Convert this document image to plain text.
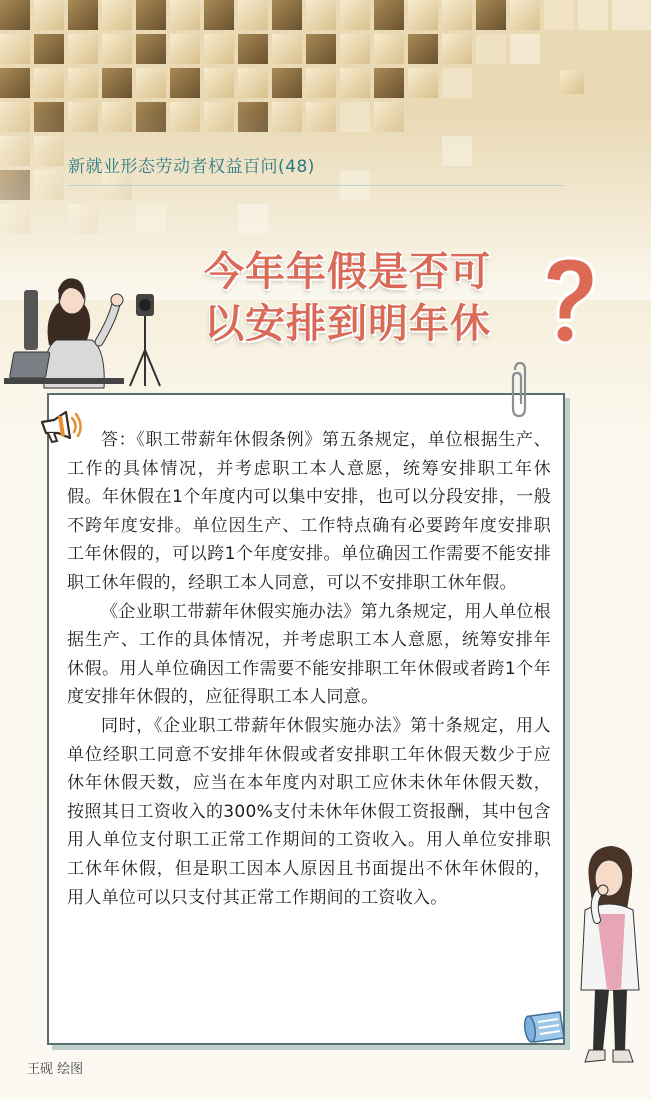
新就业形态劳动者权益百问(48)
今年年假是否可
以安排到明年休

答：《职工带薪年休假条例》第五条规定，单位根据生产、工作的具体情况，并考虑职工本人意愿，统筹安排职工年休假。年休假在1个年度内可以集中安排，也可以分段安排，一般不跨年度安排。单位因生产、工作特点确有必要跨年度安排职工年休假的，可以跨1个年度安排。单位确因工作需要不能安排职工休年假的，经职工本人同意，可以不安排职工休年假。

《企业职工带薪年休假实施办法》第九条规定，用人单位根据生产、工作的具体情况，并考虑职工本人意愿，统筹安排年休假。用人单位确因工作需要不能安排职工年休假或者跨1个年度安排年休假的，应征得职工本人同意。

同时，《企业职工带薪年休假实施办法》第十条规定，用人单位经职工同意不安排年休假或者安排职工年休假天数少于应休年休假天数，应当在本年度内对职工应休未休年休假天数，按照其日工资收入的300%支付未休年休假工资报酬，其中包含用人单位支付职工正常工作期间的工资收入。用人单位安排职工休年休假，但是职工因本人原因且书面提出不休年休假的，用人单位可以只支付其正常工作期间的工资收入。

王砚 绘图
